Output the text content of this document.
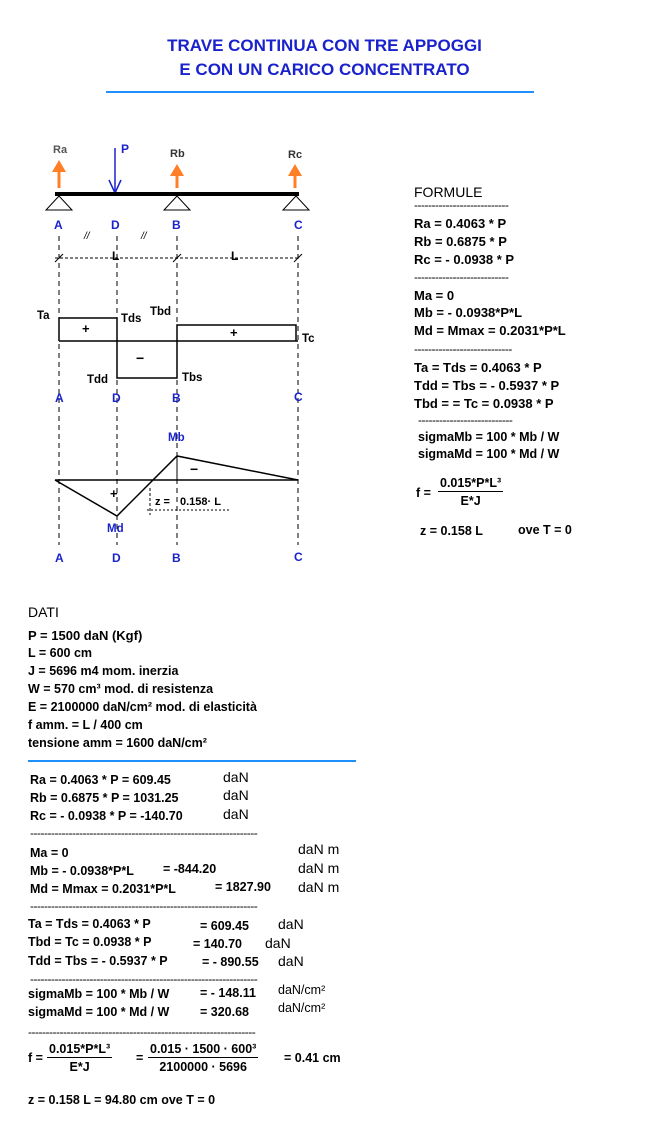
TRAVE CONTINUA CON TRE APPOGGI
E CON UN CARICO CONCENTRATO
Ra	P	Rb	Rc
A	D	B	C
//	//
L	L
+
−
+
Ta	Tds
Tbd
Tdd	Tbs
Tc
A	D	B	C
+
−
Mb
Md
z = 0.158· L
A	D	B	C
FORMULE
---------------------------
Ra = 0.4063 * P
Rb = 0.6875 * P
Rc = - 0.0938 * P
---------------------------
Ma = 0
Mb = - 0.0938*P*L
Md = Mmax = 0.2031*P*L
----------------------------
Ta = Tds = 0.4063 * P
Tdd = Tbs = - 0.5937 * P
Tbd = = Tc = 0.0938 * P
---------------------------
sigmaMb = 100 * Mb / W
sigmaMd = 100 * Md / W
$f = \frac{\text{0.015*P*L³}}{E*J}$
z = 0.158 L	ove T = 0
DATI
P = 1500 daN (Kgf)
L = 600 cm
J = 5696 m4 mom. inerzia
W = 570 cm³ mod. di resistenza
E = 2100000 daN/cm² mod. di elasticità
f amm. = L / 400 cm
tensione amm = 1600 daN/cm²
Ra = 0.4063 * P = 609.45	daN
Rb = 0.6875 * P = 1031.25	daN
Rc = - 0.0938 * P = -140.70	daN
-----------------------------------------------------------------
Ma = 0	daN m
Mb = - 0.0938*P*L = -844.20	daN m
Md = Mmax = 0.2031*P*L	= 1827.90 daN m
-----------------------------------------------------------------
Ta = Tds = 0.4063 * P	= 609.45 daN
Tbd = Tc = 0.0938 * P	= 140.70 daN
Tdd = Tbs = - 0.5937 * P	= - 890.55 daN
-----------------------------------------------------------------
sigmaMb = 100 * Mb / W = - 148.11 daN/cm²
sigmaMd = 100 * Md / W = 320.68 daN/cm²
-----------------------------------------------------------------
$f = \frac{\text{0.015*P*L³}}{E*J} = \frac{\text{0.015 · 1500 · 600³}}{2100000 \cdot 5696} = 0.41$ cm
z = 0.158 L = 94.80 cm ove T = 0
